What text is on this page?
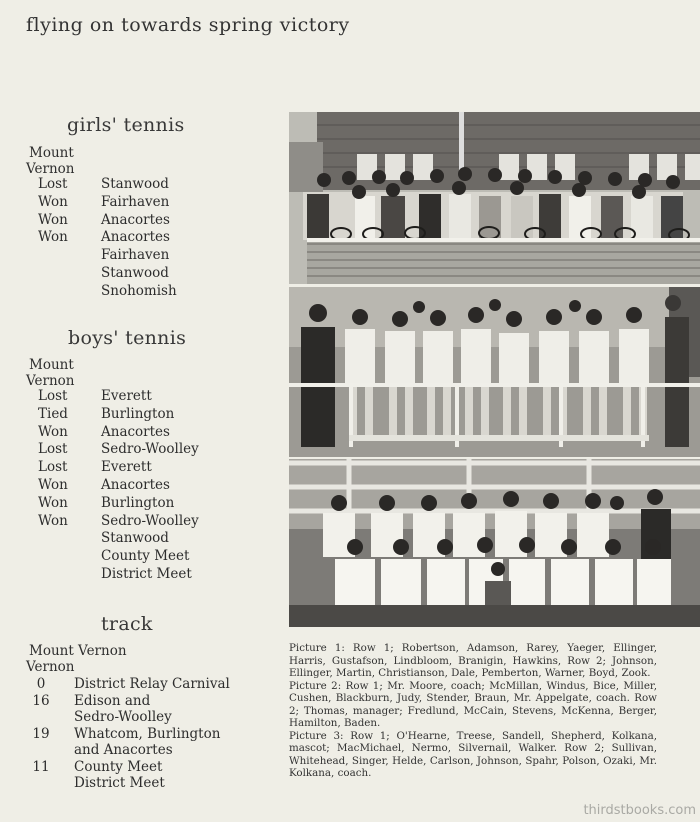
flying on towards spring victory
girls' tennis
Mount
Vernon
Lost Stanwood
Won Fairhaven
Won Anacortes
Won Anacortes
Fairhaven
Stanwood
Snohomish
boys' tennis
Mount
Vernon
Lost Everett
Tied Burlington
Won Anacortes
Lost Sedro-Woolley
Lost Everett
Won Anacortes
Won Burlington
Won Sedro-Woolley
Stanwood
County Meet
District Meet
track
Mount Vernon
Vernon
0	District Relay Carnival
16	Edison and
Sedro-Woolley
19	Whatcom, Burlington
and Anacortes
11	County Meet
District Meet

Picture 1: Row 1; Robertson, Adamson, Rarey, Yaeger, Ellinger, Harris, Gustafson, Lindbloom, Branigin, Hawkins, Row 2; Johnson, Ellinger, Martin, Christianson, Dale, Pemberton, Warner, Boyd, Zook.

Picture 2: Row 1; Mr. Moore, coach; McMillan, Windus, Bice, Miller, Cushen, Blackburn, Judy, Stender, Braun, Mr. Appelgate, coach. Row 2; Thomas, manager; Fredlund, McCain, Stevens, McKenna, Berger, Hamilton, Baden.

Picture 3: Row 1; O'Hearne, Treese, Sandell, Shepherd, Kolkana, mascot; MacMichael, Nermo, Silvernail, Walker. Row 2; Sullivan, Whitehead, Singer, Helde, Carlson, Johnson, Spahr, Polson, Ozaki, Mr. Kolkana, coach.

thirdstbooks.com
